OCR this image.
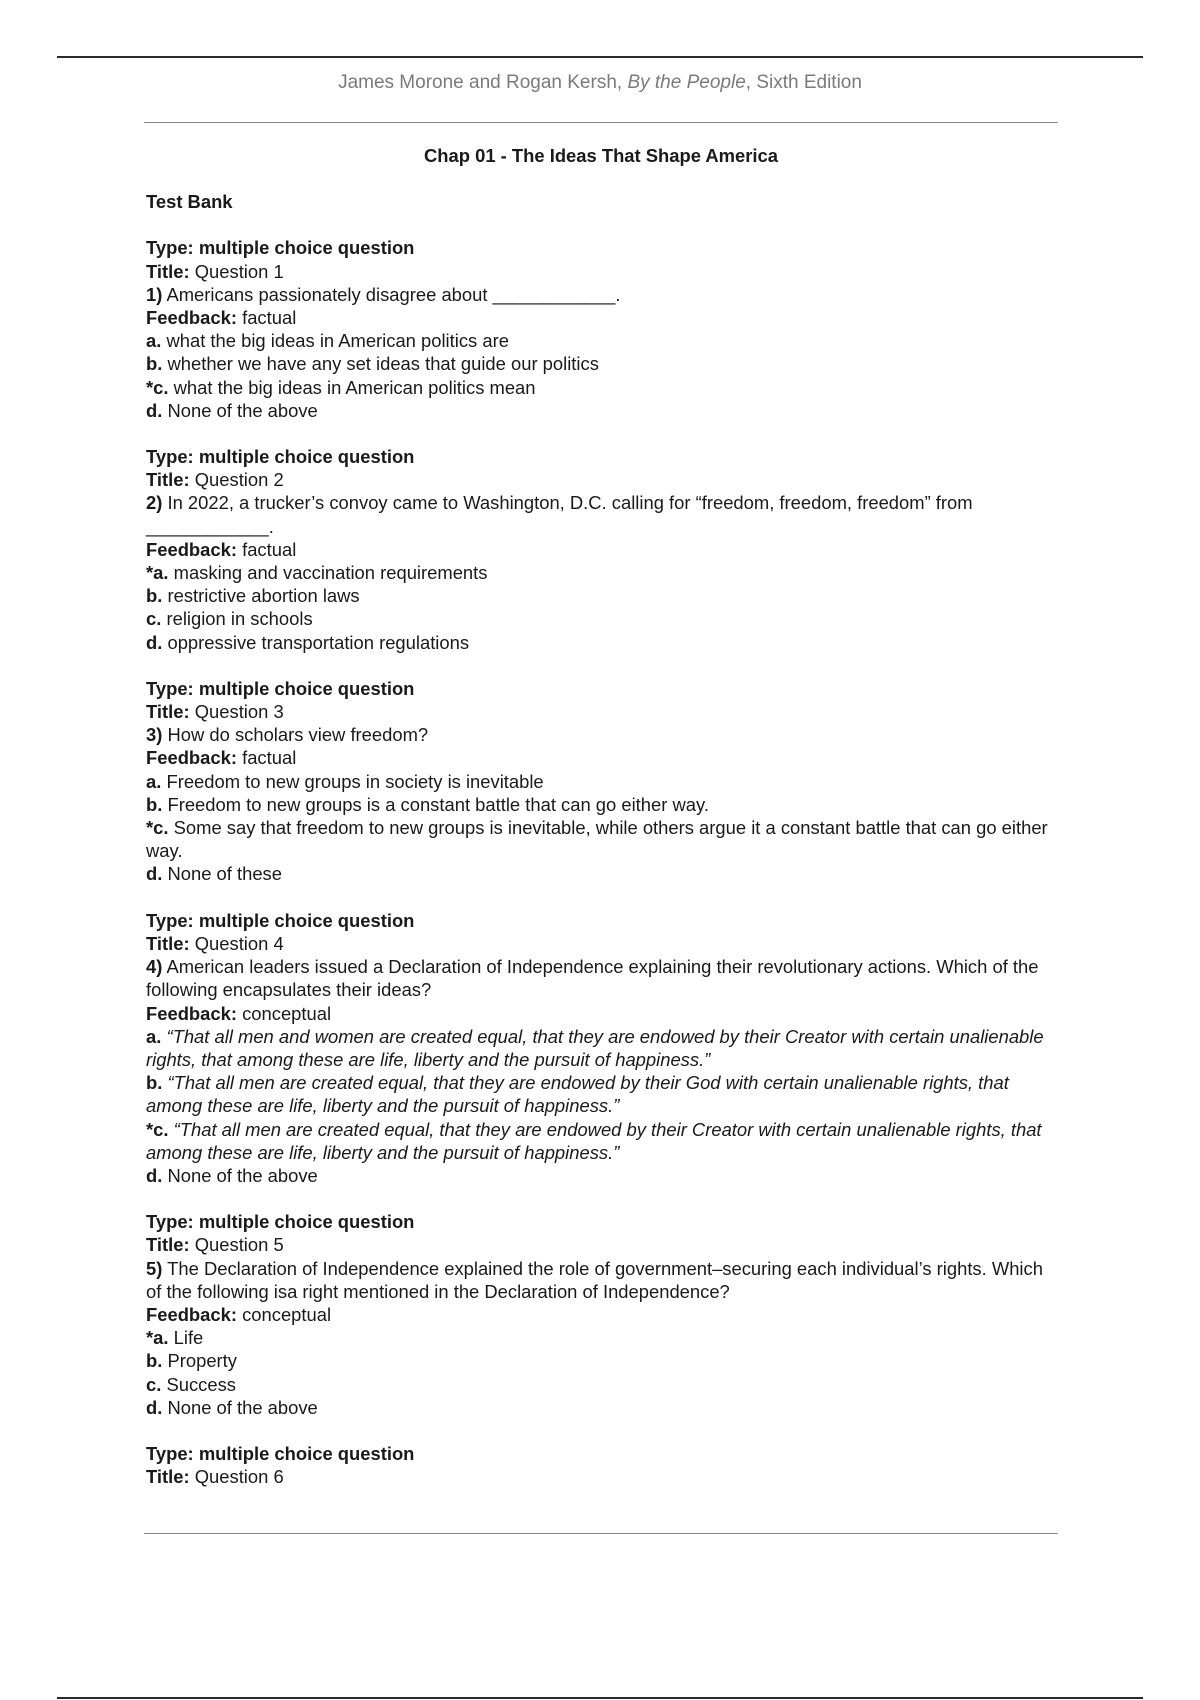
James Morone and Rogan Kersh, By the People, Sixth Edition

Chap 01 - The Ideas That Shape America

Test Bank

Type: multiple choice question

Title: Question 1

1) Americans passionately disagree about ____________.

Feedback: factual

a. what the big ideas in American politics are

b. whether we have any set ideas that guide our politics

*c. what the big ideas in American politics mean

d. None of the above

Type: multiple choice question

Title: Question 2

2) In 2022, a trucker’s convoy came to Washington, D.C. calling for “freedom, freedom, freedom” from ____________.

Feedback: factual

*a. masking and vaccination requirements

b. restrictive abortion laws

c. religion in schools

d. oppressive transportation regulations

Type: multiple choice question

Title: Question 3

3) How do scholars view freedom?

Feedback: factual

a. Freedom to new groups in society is inevitable

b. Freedom to new groups is a constant battle that can go either way.

*c. Some say that freedom to new groups is inevitable, while others argue it a constant battle that can go either way.

d. None of these

Type: multiple choice question

Title: Question 4

4) American leaders issued a Declaration of Independence explaining their revolutionary actions. Which of the following encapsulates their ideas?

Feedback: conceptual

a. “That all men and women are created equal, that they are endowed by their Creator with certain unalienable rights, that among these are life, liberty and the pursuit of happiness.”

b. “That all men are created equal, that they are endowed by their God with certain unalienable rights, that among these are life, liberty and the pursuit of happiness.”

*c. “That all men are created equal, that they are endowed by their Creator with certain unalienable rights, that among these are life, liberty and the pursuit of happiness.”

d. None of the above

Type: multiple choice question

Title: Question 5

5) The Declaration of Independence explained the role of government–securing each individual’s rights. Which of the following isa right mentioned in the Declaration of Independence?

Feedback: conceptual

*a. Life

b. Property

c. Success

d. None of the above

Type: multiple choice question

Title: Question 6
